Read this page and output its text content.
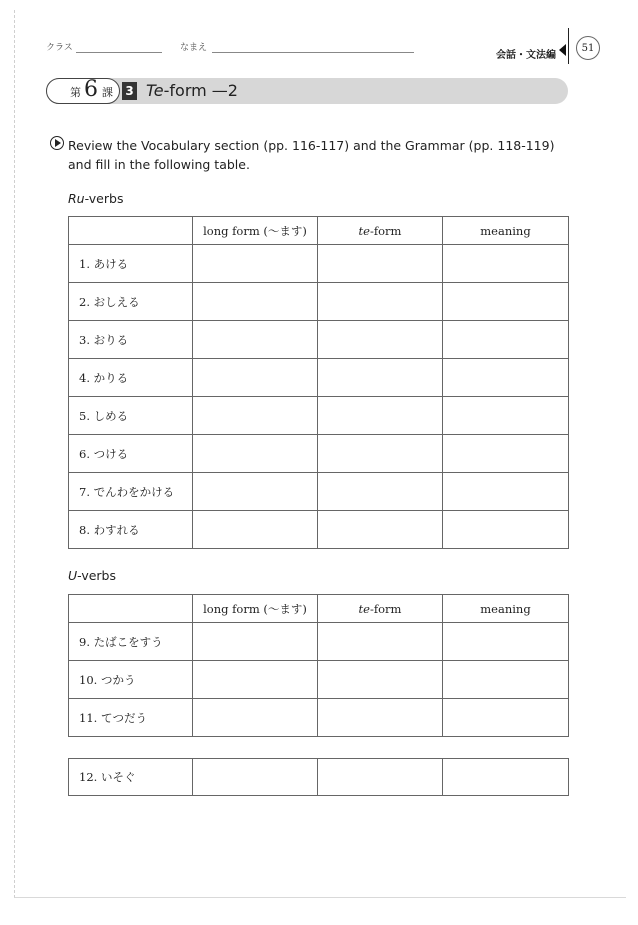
クラス	なまえ
会話・文法編
51
第 6 課 3 Te-form —2
Review the Vocabulary section (pp. 116-117) and the Grammar (pp. 118-119) and fill in the following table.
Ru-verbs
	long form (〜ます)	te-form	meaning
1. あける			
2. おしえる			
3. おりる			
4. かりる			
5. しめる			
6. つける			
7. でんわをかける			
8. わすれる			
U-verbs
	long form (〜ます)	te-form	meaning
9. たばこをすう			
10. つかう			
11. てつだう			
12. いそぐ			
